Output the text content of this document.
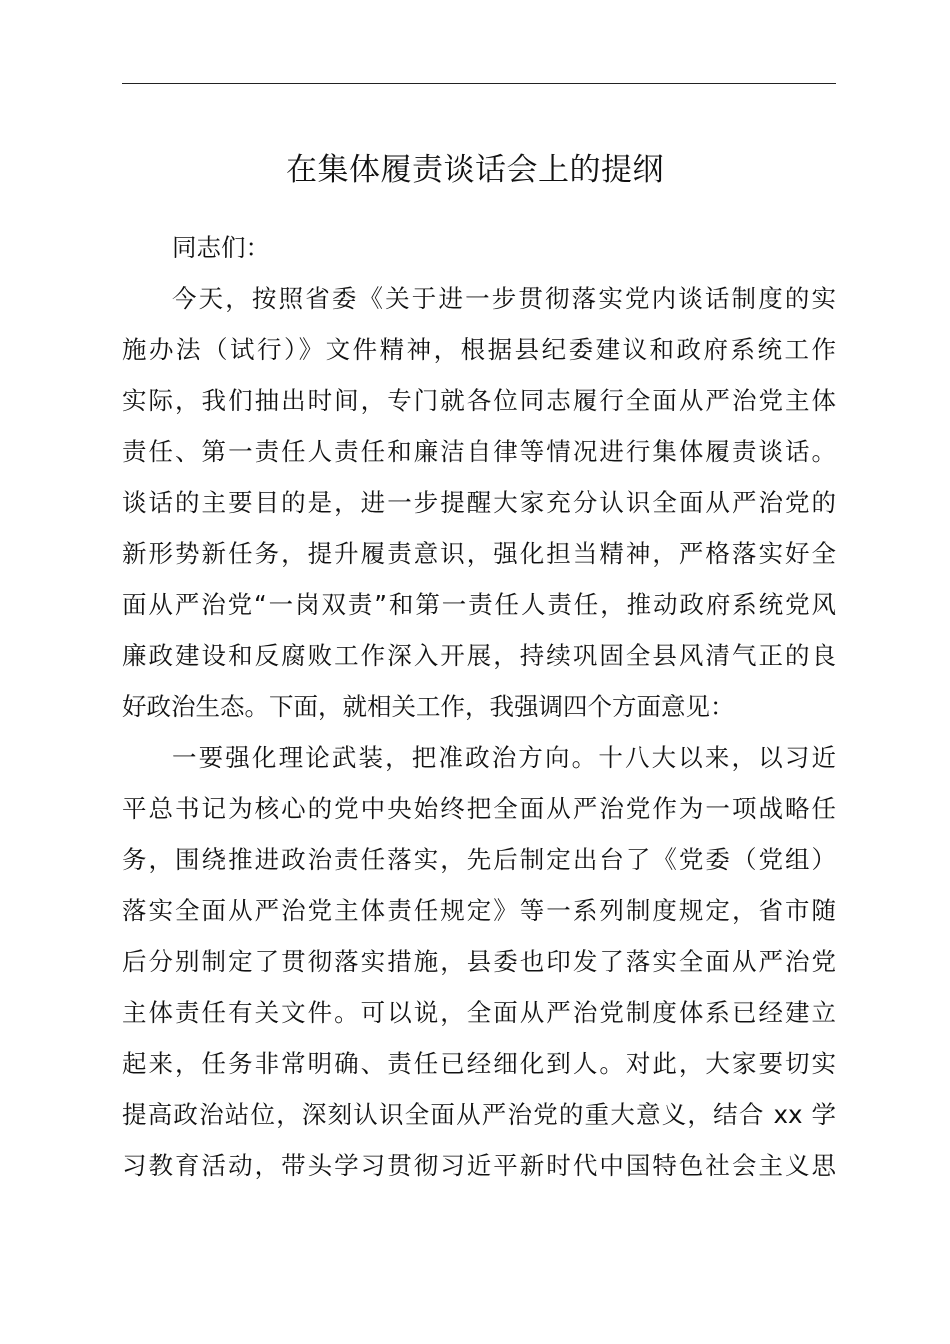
在集体履责谈话会上的提纲
同志们：
今天，按照省委《关于进一步贯彻落实党内谈话制度的实
施办法（试行）》文件精神，根据县纪委建议和政府系统工作
实际，我们抽出时间，专门就各位同志履行全面从严治党主体
责任、第一责任人责任和廉洁自律等情况进行集体履责谈话。
谈话的主要目的是，进一步提醒大家充分认识全面从严治党的
新形势新任务，提升履责意识，强化担当精神，严格落实好全
面从严治党“一岗双责”和第一责任人责任，推动政府系统党风
廉政建设和反腐败工作深入开展，持续巩固全县风清气正的良
好政治生态。下面，就相关工作，我强调四个方面意见：
一要强化理论武装，把准政治方向。十八大以来，以习近
平总书记为核心的党中央始终把全面从严治党作为一项战略任
务，围绕推进政治责任落实，先后制定出台了《党委（党组）
落实全面从严治党主体责任规定》等一系列制度规定，省市随
后分别制定了贯彻落实措施，县委也印发了落实全面从严治党
主体责任有关文件。可以说，全面从严治党制度体系已经建立
起来，任务非常明确、责任已经细化到人。对此，大家要切实
提高政治站位，深刻认识全面从严治党的重大意义，结合 xx 学
习教育活动，带头学习贯彻习近平新时代中国特色社会主义思
